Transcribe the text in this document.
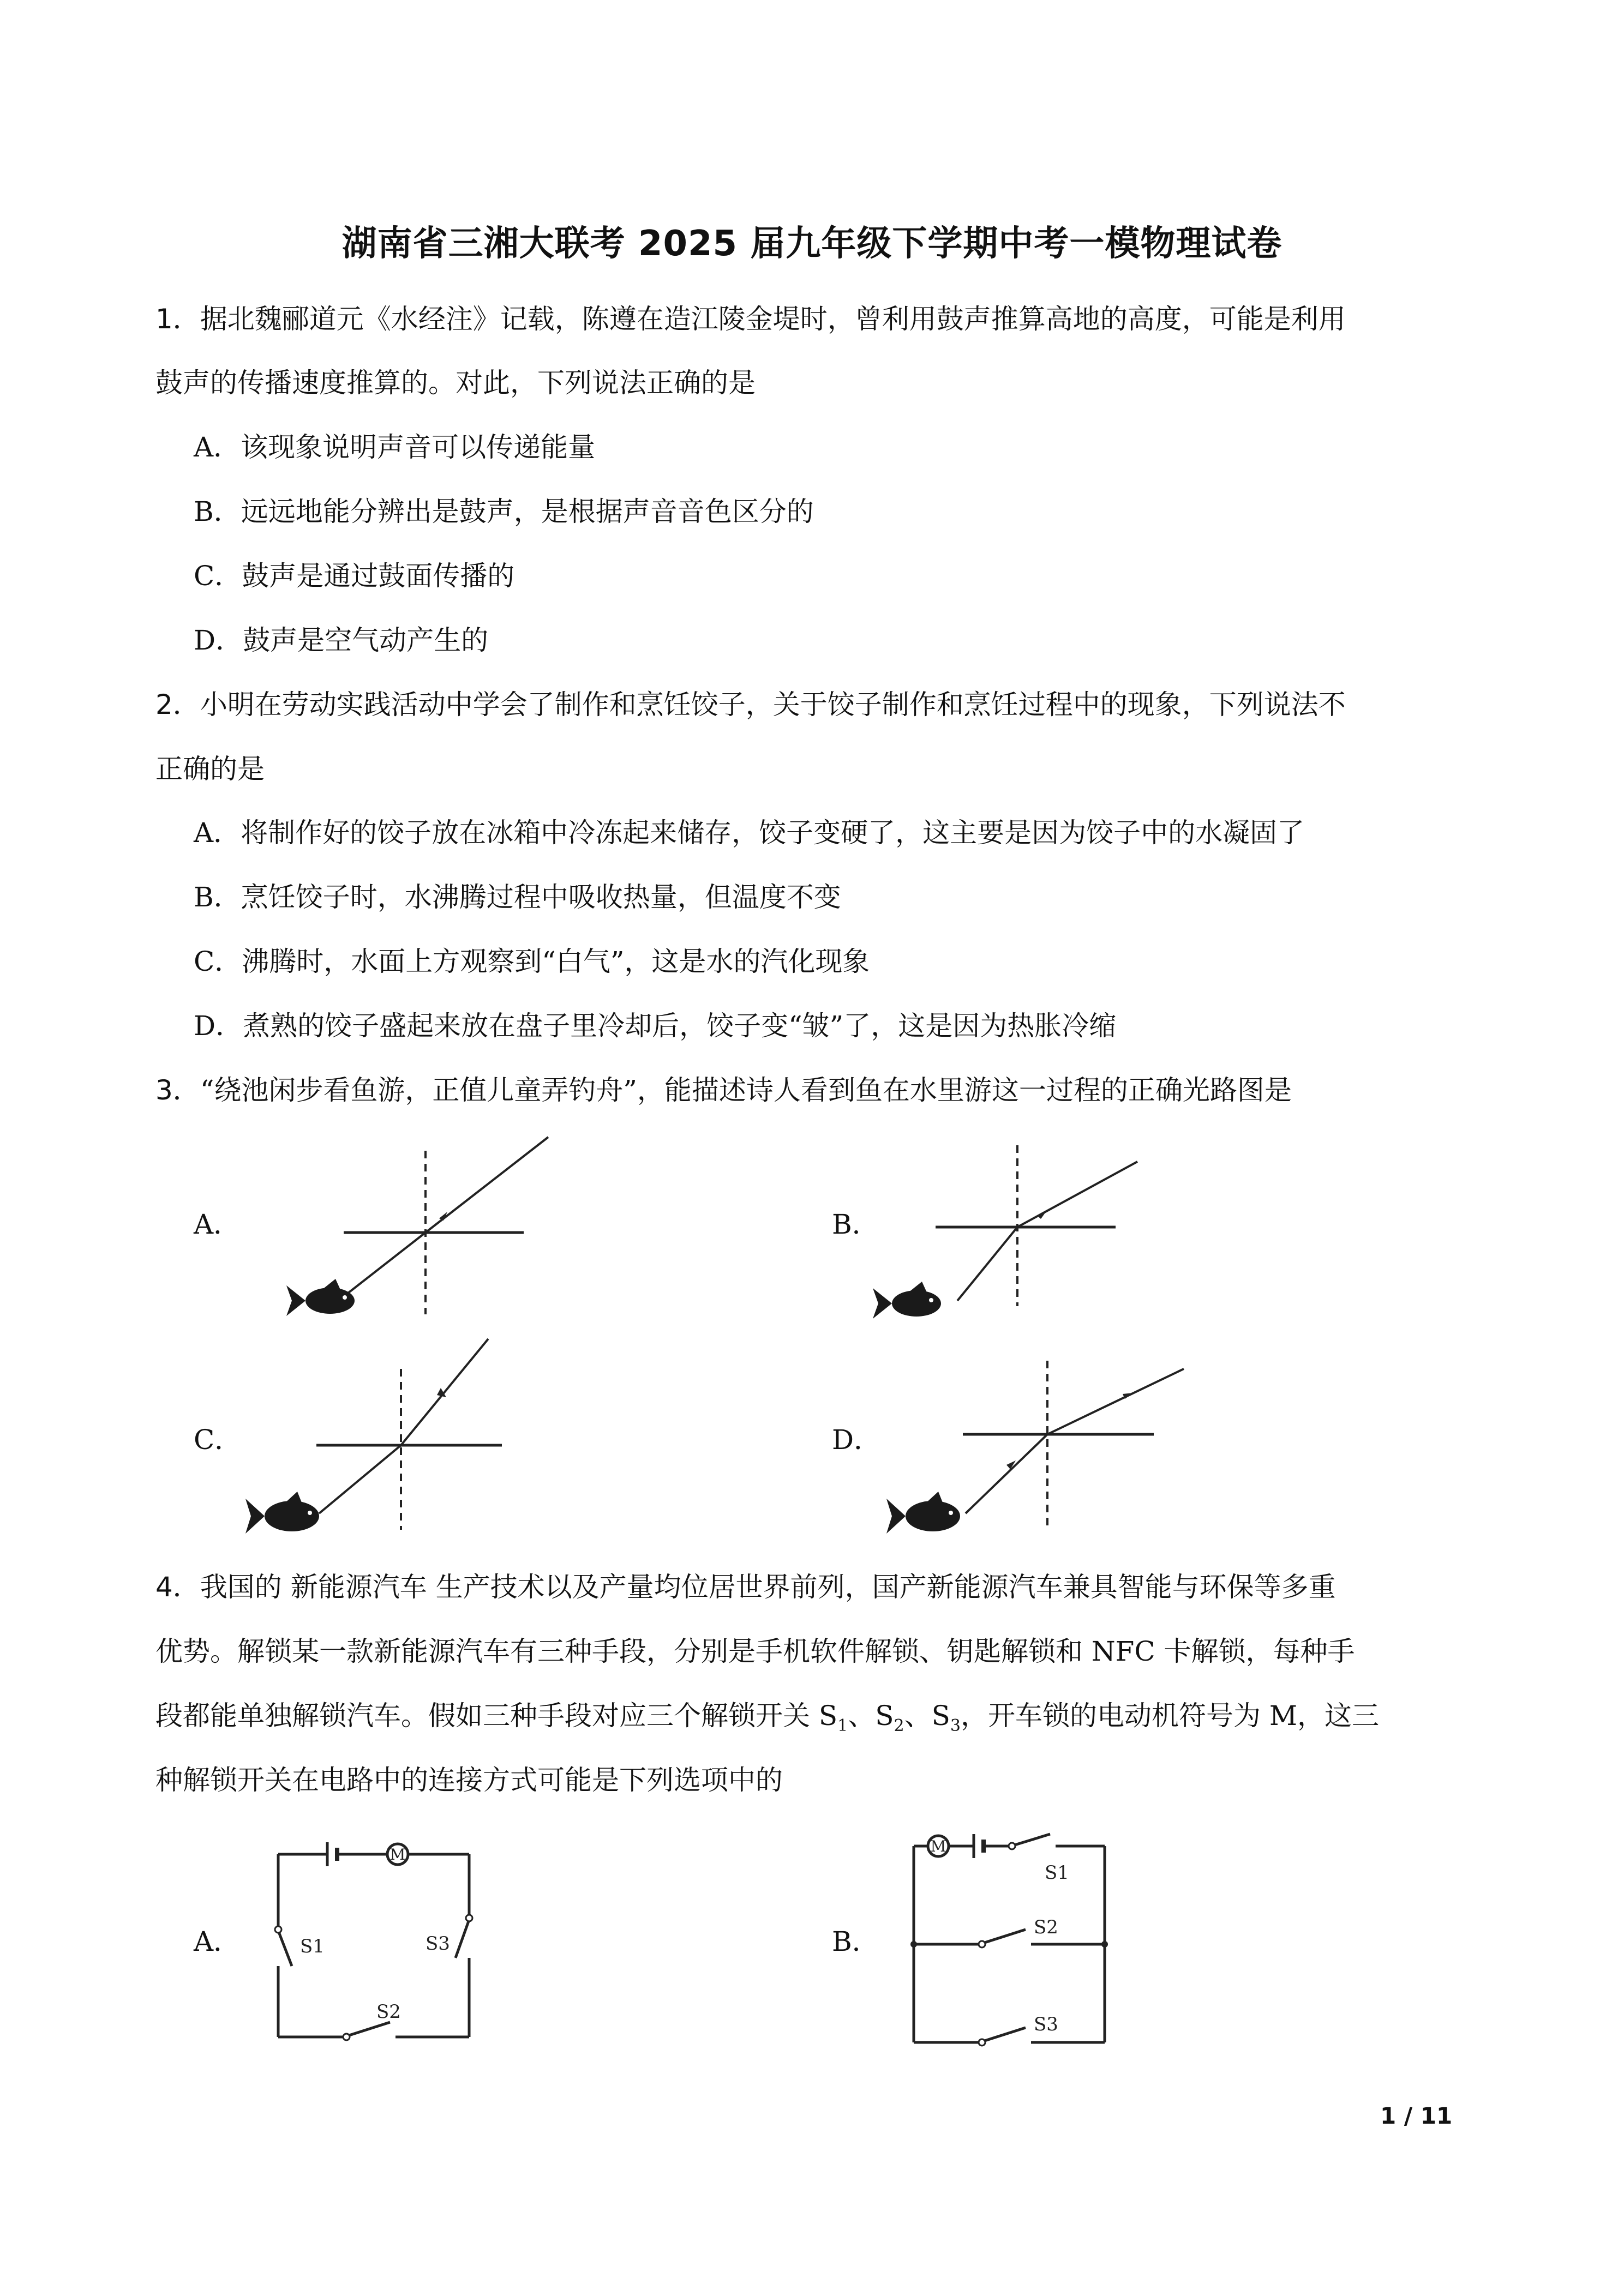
湖南省三湘大联考 2025 届九年级下学期中考一模物理试卷
1．据北魏郦道元《水经注》记载，陈遵在造江陵金堤时，曾利用鼓声推算高地的高度，可能是利用
鼓声的传播速度推算的。对此，下列说法正确的是
A．该现象说明声音可以传递能量
B．远远地能分辨出是鼓声，是根据声音音色区分的
C．鼓声是通过鼓面传播的
D．鼓声是空气动产生的
2．小明在劳动实践活动中学会了制作和烹饪饺子，关于饺子制作和烹饪过程中的现象，下列说法不
正确的是
A．将制作好的饺子放在冰箱中冷冻起来储存，饺子变硬了，这主要是因为饺子中的水凝固了
B．烹饪饺子时，水沸腾过程中吸收热量，但温度不变
C．沸腾时，水面上方观察到“白气”，这是水的汽化现象
D．煮熟的饺子盛起来放在盘子里冷却后，饺子变“皱”了，这是因为热胀冷缩
3．“绕池闲步看鱼游，正值儿童弄钓舟”，能描述诗人看到鱼在水里游这一过程的正确光路图是
A．	B．
C．	D．
4．我国的 新能源汽车 生产技术以及产量均位居世界前列，国产新能源汽车兼具智能与环保等多重
优势。解锁某一款新能源汽车有三种手段，分别是手机软件解锁、钥匙解锁和 NFC 卡解锁，每种手
段都能单独解锁汽车。假如三种手段对应三个解锁开关 $S_1$、$S_2$、$S_3$，开车锁的电动机符号为 M，这三
种解锁开关在电路中的连接方式可能是下列选项中的
A．
M
S1	S3
S2
B．
M
S1
S2
S3
1 / 11
